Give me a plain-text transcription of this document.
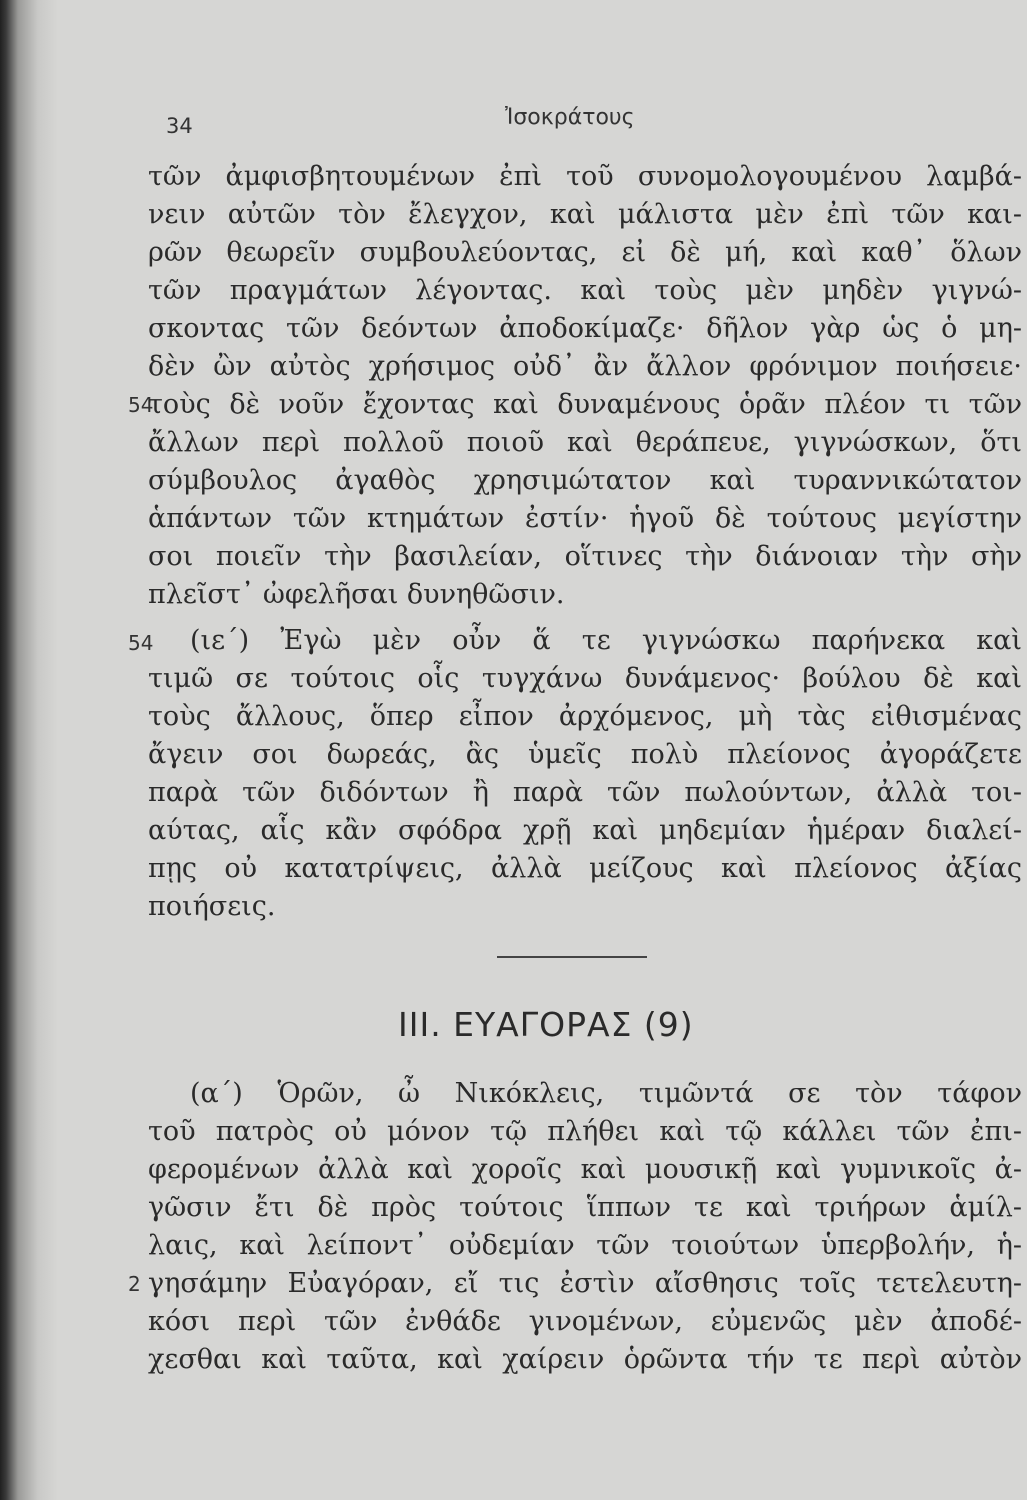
34	Ἰσοκράτους
τῶν ἀμφισβητουμένων ἐπὶ τοῦ συνομολογουμένου λαμβά-
νειν αὐτῶν τὸν ἔλεγχον, καὶ μάλιστα μὲν ἐπὶ τῶν και-
ρῶν θεωρεῖν συμβουλεύοντας, εἰ δὲ μή, καὶ καθ᾽ ὅλων
τῶν πραγμάτων λέγοντας. καὶ τοὺς μὲν μηδὲν γιγνώ-
σκοντας τῶν δεόντων ἀποδοκίμαζε· δῆλον γὰρ ὡς ὁ μη-
δὲν ὢν αὐτὸς χρήσιμος οὐδ᾽ ἂν ἄλλον φρόνιμον ποιήσειε·
54
τοὺς δὲ νοῦν ἔχοντας καὶ δυναμένους ὁρᾶν πλέον τι τῶν
ἄλλων περὶ πολλοῦ ποιοῦ καὶ θεράπευε, γιγνώσκων, ὅτι
σύμβουλος ἀγαθὸς χρησιμώτατον καὶ τυραννικώτατον
ἁπάντων τῶν κτημάτων ἐστίν· ἡγοῦ δὲ τούτους μεγίστην
σοι ποιεῖν τὴν βασιλείαν, οἵτινες τὴν διάνοιαν τὴν σὴν
πλεῖστ᾽ ὠφελῆσαι δυνηθῶσιν.
54 (ιε΄) Ἐγὼ μὲν οὖν ἅ τε γιγνώσκω παρήνεκα καὶ
τιμῶ σε τούτοις οἷς τυγχάνω δυνάμενος· βούλου δὲ καὶ
τοὺς ἄλλους, ὅπερ εἶπον ἀρχόμενος, μὴ τὰς εἰθισμένας
ἄγειν σοι δωρεάς, ἃς ὑμεῖς πολὺ πλείονος ἀγοράζετε
παρὰ τῶν διδόντων ἢ παρὰ τῶν πωλούντων, ἀλλὰ τοι-
αύτας, αἷς κἂν σφόδρα χρῇ καὶ μηδεμίαν ἡμέραν διαλεί-
πῃς οὐ κατατρίψεις, ἀλλὰ μείζους καὶ πλείονος ἀξίας
ποιήσεις.
III. ΕΥΑΓΟΡΑΣ (9)
(α΄) Ὁρῶν, ὦ Νικόκλεις, τιμῶντά σε τὸν τάφον
τοῦ πατρὸς οὐ μόνον τῷ πλήθει καὶ τῷ κάλλει τῶν ἐπι-
φερομένων ἀλλὰ καὶ χοροῖς καὶ μουσικῇ καὶ γυμνικοῖς ἀ-
γῶσιν ἔτι δὲ πρὸς τούτοις ἵππων τε καὶ τριήρων ἁμίλ-
λαις, καὶ λείποντ᾽ οὐδεμίαν τῶν τοιούτων ὑπερβολήν, ἡ-
2 γησάμην Εὐαγόραν, εἴ τις ἐστὶν αἴσθησις τοῖς τετελευτη-
κόσι περὶ τῶν ἐνθάδε γινομένων, εὐμενῶς μὲν ἀποδέ-
χεσθαι καὶ ταῦτα, καὶ χαίρειν ὁρῶντα τήν τε περὶ αὐτὸν
